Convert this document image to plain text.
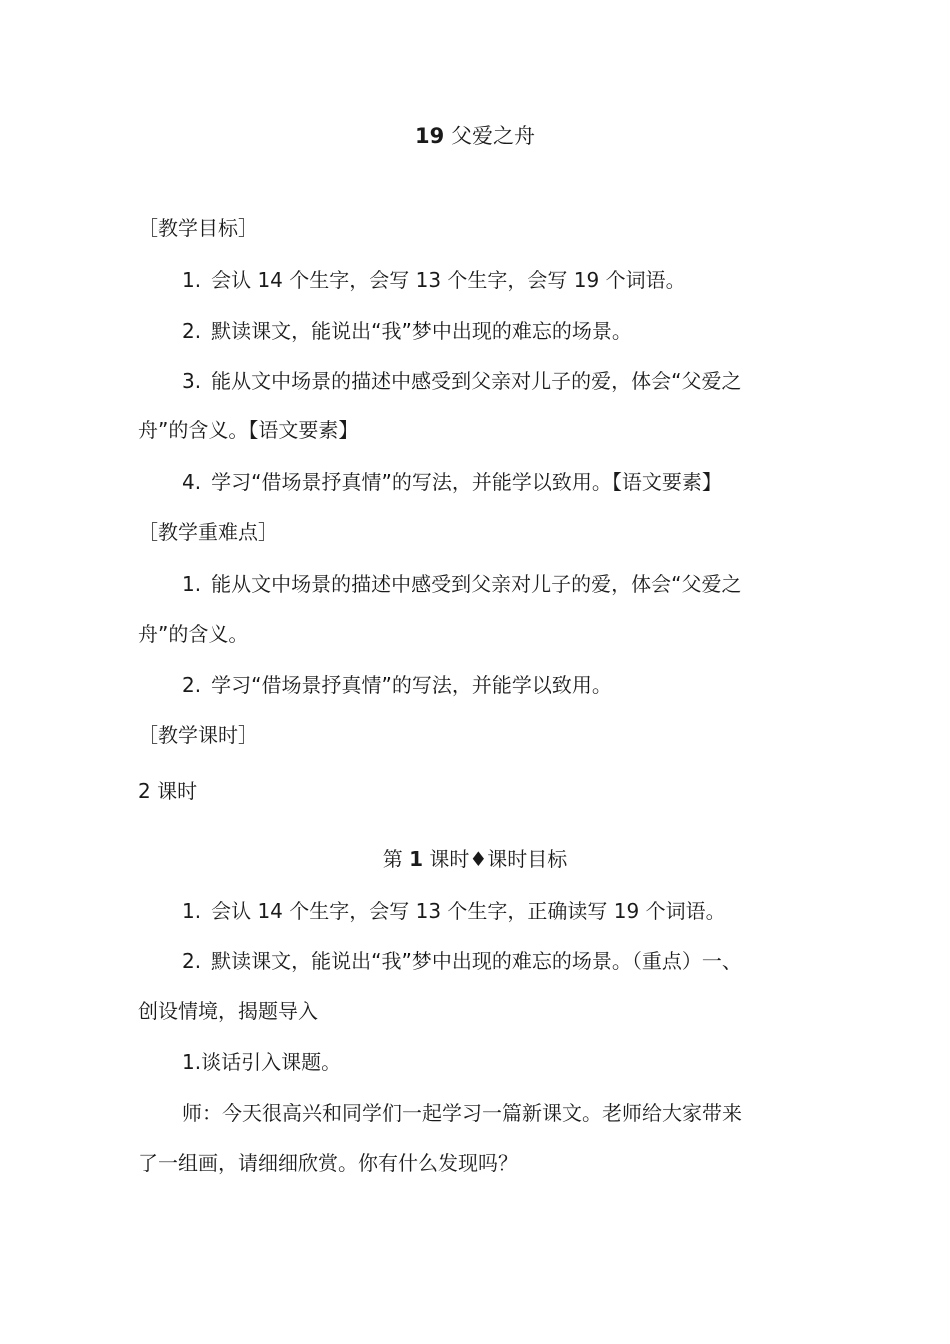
19 父爱之舟
［教学目标］
1. 会认 14 个生字，会写 13 个生字，会写 19 个词语。
2. 默读课文，能说出“我”梦中出现的难忘的场景。
3. 能从文中场景的描述中感受到父亲对儿子的爱，体会“父爱之
舟”的含义。【语文要素】
4. 学习“借场景抒真情”的写法，并能学以致用。【语文要素】
［教学重难点］
1. 能从文中场景的描述中感受到父亲对儿子的爱，体会“父爱之
舟”的含义。
2. 学习“借场景抒真情”的写法，并能学以致用。
［教学课时］
2 课时
第 1 课时♦课时目标
1. 会认 14 个生字，会写 13 个生字，正确读写 19 个词语。
2. 默读课文，能说出“我”梦中出现的难忘的场景。（重点）一、
创设情境，揭题导入
1.谈话引入课题。
师：今天很高兴和同学们一起学习一篇新课文。老师给大家带来
了一组画，请细细欣赏。你有什么发现吗？
